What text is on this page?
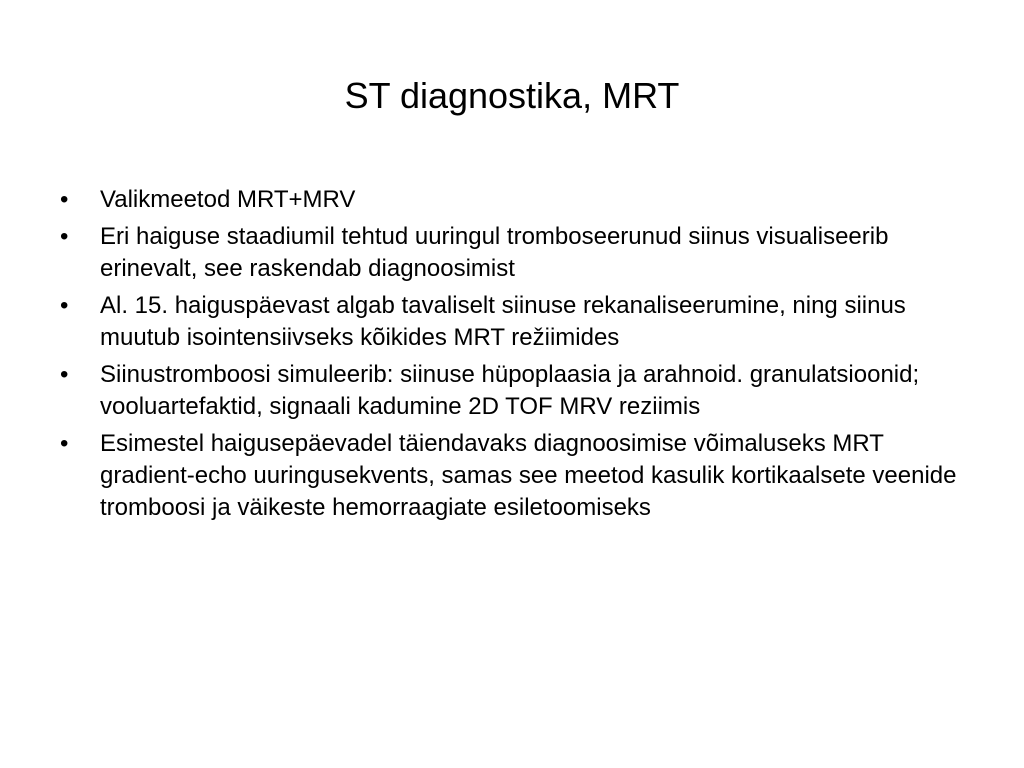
ST diagnostika, MRT
•	Valikmeetod MRT+MRV
•	Eri haiguse staadiumil tehtud uuringul tromboseerunud siinus visualiseerib erinevalt, see raskendab diagnoosimist
•	Al. 15. haiguspäevast algab tavaliselt siinuse rekanaliseerumine, ning siinus muutub isointensiivseks kõikides MRT režiimides
•	Siinustromboosi simuleerib: siinuse hüpoplaasia ja arahnoid. granulatsioonid; vooluartefaktid, signaali kadumine 2D TOF MRV reziimis
•	Esimestel haigusepäevadel täiendavaks diagnoosimise võimaluseks MRT gradient-echo uuringusekvents, samas see meetod kasulik kortikaalsete veenide tromboosi ja väikeste hemorraagiate esiletoomiseks
